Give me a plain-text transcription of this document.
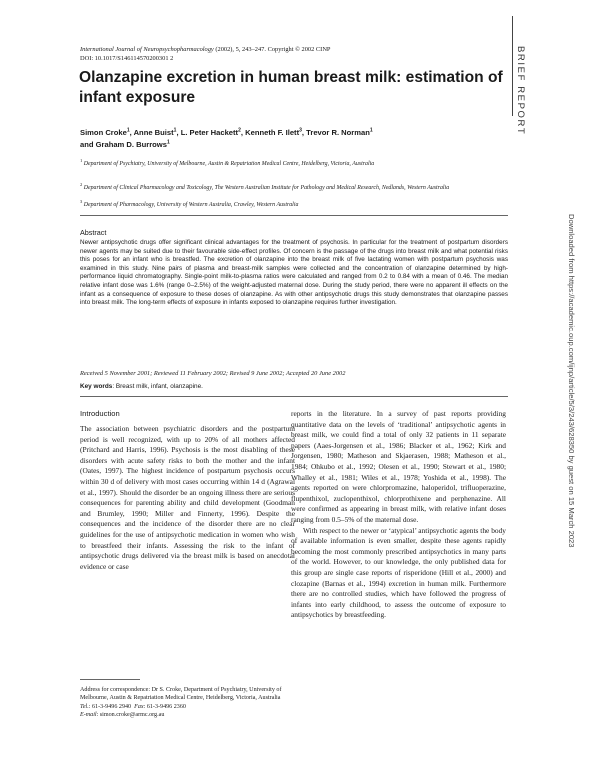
BRIEF REPORT
Downloaded from https://academic.oup.com/ijnp/article/5/3/243/628350 by guest on 15 March 2023
International Journal of Neuropsychopharmacology (2002), 5, 243–247. Copyright © 2002 CINP
DOI: 10.1017/S146114570200301 2
Olanzapine excretion in human breast milk: estimation of infant exposure
Simon Croke$^1$, Anne Buist$^1$, L. Peter Hackett$^2$, Kenneth F. Ilett$^3$, Trevor R. Norman$^1$
and Graham D. Burrows$^1$
$^1$ Department of Psychiatry, University of Melbourne, Austin & Repatriation Medical Centre, Heidelberg, Victoria, Australia
$^2$ Department of Clinical Pharmacology and Toxicology, The Western Australian Institute for Pathology and Medical Research, Nedlands, Western Australia
$^3$ Department of Pharmacology, University of Western Australia, Crawley, Western Australia
Abstract
Newer antipsychotic drugs offer significant clinical advantages for the treatment of psychosis. In particular for the treatment of postpartum disorders newer agents may be suited due to their favourable side-effect profiles. Of concern is the passage of the drugs into breast milk and what potential risks this poses for an infant who is breastfed. The excretion of olanzapine into the breast milk of five lactating women with postpartum psychosis was examined in this study. Nine pairs of plasma and breast-milk samples were collected and the concentration of olanzapine determined by high-performance liquid chromatography. Single-point milk-to-plasma ratios were calculated and ranged from 0.2 to 0.84 with a mean of 0.46. The median relative infant dose was 1.6% (range 0–2.5%) of the weight-adjusted maternal dose. During the study period, there were no apparent ill effects on the infant as a consequence of exposure to these doses of olanzapine. As with other antipsychotic drugs this study demonstrates that olanzapine passes into breast milk. The long-term effects of exposure in infants exposed to olanzapine requires further investigation.
Received 5 November 2001; Reviewed 11 February 2002; Revised 9 June 2002; Accepted 20 June 2002
Key words: Breast milk, infant, olanzapine.
Introduction

The association between psychiatric disorders and the postpartum period is well recognized, with up to 20% of all mothers affected (Pritchard and Harris, 1996). Psychosis is the most disabling of these disorders with acute safety risks to both the mother and the infant (Oates, 1997). The highest incidence of postpartum psychosis occurs within 30 d of delivery with most cases occurring within 14 d (Agrawal et al., 1997). Should the disorder be an ongoing illness there are serious consequences for parenting ability and child development (Goodman and Brumley, 1990; Miller and Finnerty, 1996). Despite the consequences and the incidence of the disorder there are no clear guidelines for the use of antipsychotic medication in women who wish to breastfeed their infants. Assessing the risk to the infant of antipsychotic drugs delivered via the breast milk is based on anecdotal evidence or case

reports in the literature. In a survey of past reports providing quantitative data on the levels of ‘traditional’ antipsychotic agents in breast milk, we could find a total of only 32 patients in 11 separate papers (Aaes-Jorgensen et al., 1986; Blacker et al., 1962; Kirk and Jorgensen, 1980; Matheson and Skjaerasen, 1988; Matheson et al., 1984; Ohkubo et al., 1992; Olesen et al., 1990; Stewart et al., 1980; Whalley et al., 1981; Wiles et al., 1978; Yoshida et al., 1998). The agents reported on were chlorpromazine, haloperidol, trifluoperazine, flupenthixol, zuclopenthixol, chlorprothixene and perphenazine. All were confirmed as appearing in breast milk, with relative infant doses ranging from 0.5–5% of the maternal dose.

With respect to the newer or ‘atypical’ antipsychotic agents the body of available information is even smaller, despite these agents rapidly becoming the most commonly prescribed antipsychotics in many parts of the world. However, to our knowledge, the only published data for this group are single case reports of risperidone (Hill et al., 2000) and clozapine (Barnas et al., 1994) excretion in human milk. Furthermore there are no controlled studies, which have followed the progress of infants into early childhood, to assess the outcome of exposure to antipsychotics by breastfeeding.

Address for correspondence: Dr S. Croke, Department of Psychiatry, University of Melbourne, Austin & Repatriation Medical Centre, Heidelberg, Victoria, Australia
Tel.: 61-3-9496 2940 Fax: 61-3-9496 2360
E-mail: simon.croke@armc.org.au
